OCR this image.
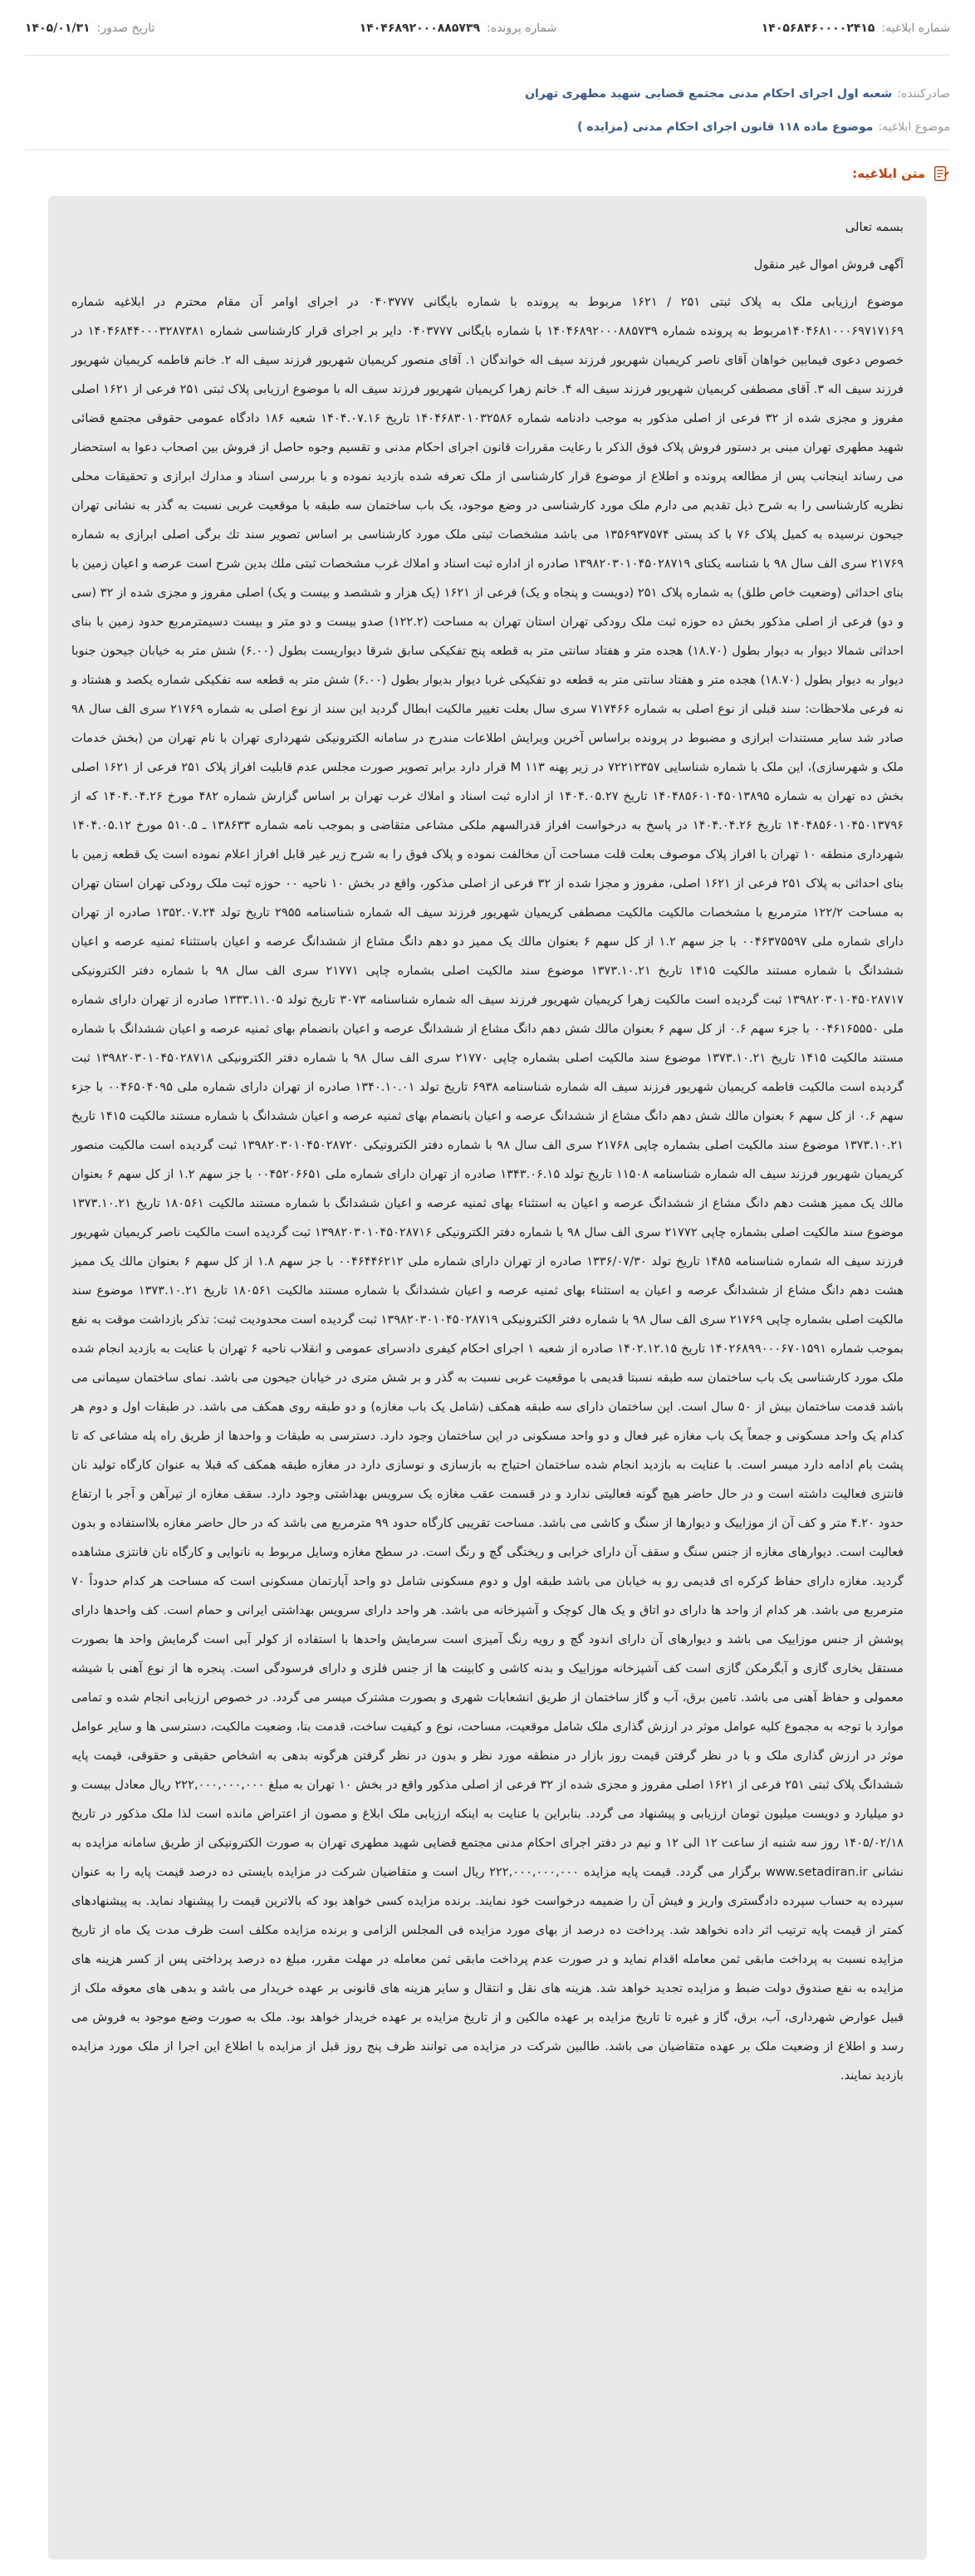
شماره ابلاغیه:
۱۴۰۵۶۸۴۶۰۰۰۰۲۴۱۵
شماره پرونده:
۱۴۰۴۶۸۹۲۰۰۰۸۸۵۷۳۹
تاریخ صدور:
۱۴۰۵/۰۱/۳۱
صادرکننده:
شعبه اول اجرای احکام مدنی مجتمع قضایی شهید مطهری تهران
موضوع ابلاغیه:
موضوع ماده ۱۱۸ قانون اجرای احکام مدنی (مزایده )
متن ابلاغیه:

بسمه تعالی

آگهی فروش اموال غیر منقول

موضوع ارزیابی ملک به پلاک ثبتی ۲۵۱ / ۱۶۲۱ مربوط به پرونده با شماره بایگانی ۰۴۰۳۷۷۷ در اجرای اوامر آن مقام محترم در ابلاغیه شماره ۱۴۰۴۶۸۱۰۰۰۶۹۷۱۷۱۶۹مربوط به پرونده شماره ۱۴۰۴۶۸۹۲۰۰۰۸۸۵۷۳۹ با شماره بایگانی ۰۴۰۳۷۷۷ دایر بر اجرای قرار کارشناسی شماره ۱۴۰۴۶۸۴۴۰۰۰۳۲۸۷۳۸۱ در خصوص دعوی فیمابین خواهان آقای ناصر کریمیان شهریور فرزند سیف اله خواندگان ۱. آقای منصور کریمیان شهریور فرزند سیف اله ۲. خانم فاطمه کریمیان شهریور فرزند سیف اله ۳. آقای مصطفی کریمیان شهریور فرزند سیف اله ۴. خانم زهرا کریمیان شهریور فرزند سیف اله با موضوع ارزیابی پلاک ثبتی ۲۵۱ فرعی از ۱۶۲۱ اصلی مفروز و مجزی شده از ۳۲ فرعی از اصلی مذکور به موجب دادنامه شماره ۱۴۰۴۶۸۳۰۱۰۳۲۵۸۶ تاریخ ۱۴۰۴.۰۷.۱۶ شعبه ۱۸۶ دادگاه عمومی حقوقی مجتمع قضائی شهید مطهری تهران مبنی بر دستور فروش پلاک فوق الذکر با رعایت مقررات قانون اجرای احکام مدنی و تقسیم وجوه حاصل از فروش بین اصحاب دعوا به استحضار می رساند اینجانب پس از مطالعه پرونده و اطلاع از موضوع قرار کارشناسی از ملک تعرفه شده بازدید نموده و با بررسی اسناد و مدارك ابرازی و تحقیقات محلی نظریه کارشناسی را به شرح ذیل تقدیم می دارم ملک مورد کارشناسی در وضع موجود، یک باب ساختمان سه طبقه با موقعیت غربی نسبت به گذر به نشانی تهران جیحون نرسیده به کمیل پلاک ۷۶ با کد پستی ۱۳۵۶۹۳۷۵۷۴ می باشد مشخصات ثبتی ملک مورد کارشناسی بر اساس تصویر سند تك برگی اصلی ابرازی به شماره ۲۱۷۶۹ سری الف سال ۹۸ با شناسه یکتای ۱۳۹۸۲۰۳۰۱۰۴۵۰۲۸۷۱۹ صادره از اداره ثبت اسناد و املاك غرب مشخصات ثبتی ملك بدین شرح است عرصه و اعیان زمین با بنای احداثی (وضعیت خاص طلق) به شماره پلاک ۲۵۱ (دویست و پنجاه و یک) فرعی از ۱۶۲۱ (یک هزار و ششصد و بیست و یک) اصلی مفروز و مجزی شده از ۳۲ (سی و دو) فرعی از اصلی مذکور بخش ده حوزه ثبت ملک رودکی تهران استان تهران به مساحت (۱۲۲.۲) صدو بیست و دو متر و بیست دسیمترمربع حدود زمین با بنای احداثی شمالا دیوار به دیوار بطول (۱۸.۷۰) هجده متر و هفتاد سانتی متر به قطعه پنج تفکیکی سابق شرقا دیواریست بطول (۶.۰۰) شش متر به خیابان جیحون جنوبا دیوار به دیوار بطول (۱۸.۷۰) هجده متر و هفتاد سانتی متر به قطعه دو تفکیکی غربا دیوار بدیوار بطول (۶.۰۰) شش متر به قطعه سه تفکیکی شماره یکصد و هشتاد و نه فرعی ملاحظات: سند قبلی از نوع اصلی به شماره ۷۱۷۴۶۶ سری سال بعلت تغییر مالکیت ابطال گردید این سند از نوع اصلی به شماره ۲۱۷۶۹ سری الف سال ۹۸ صادر شد سایر مستندات ابرازی و مضبوط در پرونده براساس آخرین ویرایش اطلاعات مندرج در سامانه الکترونیکی شهرداری تهران با نام تهران من (بخش خدمات ملک و شهرسازی)، این ملک با شماره شناسایی ۷۲۲۱۲۳۵۷ در زیر پهنه ۱۱۳ M قرار دارد برابر تصویر صورت مجلس عدم قابلیت افراز پلاک ۲۵۱ فرعی از ۱۶۲۱ اصلی بخش ده تهران به شماره ۱۴۰۴۸۵۶۰۱۰۴۵۰۱۳۸۹۵ تاریخ ۱۴۰۴.۰۵.۲۷ از اداره ثبت اسناد و املاك غرب تهران بر اساس گزارش شماره ۴۸۲ مورخ ۱۴۰۴.۰۴.۲۶ که از ۱۴۰۴۸۵۶۰۱۰۴۵۰۱۳۷۹۶ تاریخ ۱۴۰۴.۰۴.۲۶ در پاسخ به درخواست افراز قدرالسهم ملکی مشاعی متقاضی و بموجب نامه شماره ۱۳۸۶۳۳ ـ ۵۱۰.۵ مورخ ۱۴۰۴.۰۵.۱۲ شهرداری منطقه ۱۰ تهران با افراز پلاک موصوف بعلت قلت مساحت آن مخالفت نموده و پلاک فوق را به شرح زیر غیر قابل افراز اعلام نموده است یک قطعه زمین با بنای احداثی به پلاک ۲۵۱ فرعی از ۱۶۲۱ اصلی، مفروز و مجزا شده از ۳۲ فرعی از اصلی مذکور، واقع در بخش ۱۰ ناحیه ۰۰ حوزه ثبت ملک رودکی تهران استان تهران به مساحت ۱۲۲/۲ مترمربع با مشخصات مالکیت مالکیت مصطفی کریمیان شهریور فرزند سیف اله شماره شناسنامه ۲۹۵۵ تاریخ تولد ۱۳۵۲.۰۷.۲۴ صادره از تهران دارای شماره ملی ۰۰۴۶۳۷۵۵۹۷ با جز سهم ۱.۲ از کل سهم ۶ بعنوان مالك یک ممیز دو دهم دانگ مشاع از ششدانگ عرصه و اعیان باستثناء ثمنیه عرصه و اعیان ششدانگ با شماره مستند مالکیت ۱۴۱۵ تاریخ ۱۳۷۳.۱۰.۲۱ موضوع سند مالکیت اصلی بشماره چاپی ۲۱۷۷۱ سری الف سال ۹۸ با شماره دفتر الکترونیکی ۱۳۹۸۲۰۳۰۱۰۴۵۰۲۸۷۱۷ ثبت گردیده است مالکیت زهرا کریمیان شهریور فرزند سیف اله شماره شناسنامه ۳۰۷۳ تاریخ تولد ۱۳۳۳.۱۱.۰۵ صادره از تهران دارای شماره ملی ۰۰۴۶۱۶۵۵۵۰ با جزء سهم ۰.۶ از کل سهم ۶ بعنوان مالك شش دهم دانگ مشاع از ششدانگ عرصه و اعیان بانضمام بهای ثمنیه عرصه و اعیان ششدانگ با شماره مستند مالکیت ۱۴۱۵ تاریخ ۱۳۷۳.۱۰.۲۱ موضوع سند مالکیت اصلی بشماره چاپی ۲۱۷۷۰ سری الف سال ۹۸ با شماره دفتر الکترونیکی ۱۳۹۸۲۰۳۰۱۰۴۵۰۲۸۷۱۸ ثبت گردیده است مالکیت فاطمه کریمیان شهریور فرزند سیف اله شماره شناسنامه ۶۹۳۸ تاریخ تولد ۱۳۴۰.۱۰.۰۱ صادره از تهران دارای شماره ملی ۰۰۴۶۵۰۴۰۹۵ با جزء سهم ۰.۶ از کل سهم ۶ بعنوان مالك شش دهم دانگ مشاع از ششدانگ عرصه و اعیان بانضمام بهای ثمنیه عرصه و اعیان ششدانگ با شماره مستند مالکیت ۱۴۱۵ تاریخ ۱۳۷۳.۱۰.۲۱ موضوع سند مالکیت اصلی بشماره چاپی ۲۱۷۶۸ سری الف سال ۹۸ با شماره دفتر الکترونیکی ۱۳۹۸۲۰۳۰۱۰۴۵۰۲۸۷۲۰ ثبت گردیده است مالکیت منصور کریمیان شهریور فرزند سیف اله شماره شناسنامه ۱۱۵۰۸ تاریخ تولد ۱۳۴۳.۰۶.۱۵ صادره از تهران دارای شماره ملی ۰۰۴۵۲۰۶۶۵۱ با جز سهم ۱.۲ از کل سهم ۶ بعنوان مالك یک ممیز هشت دهم دانگ مشاع از ششدانگ عرصه و اعیان به استثناء بهای ثمنیه عرصه و اعیان ششدانگ با شماره مستند مالکیت ۱۸۰۵۶۱ تاریخ ۱۳۷۳.۱۰.۲۱ موضوع سند مالکیت اصلی بشماره چاپی ۲۱۷۷۲ سری الف سال ۹۸ با شماره دفتر الکترونیکی ۱۳۹۸۲۰۳۰۱۰۴۵۰۲۸۷۱۶ ثبت گردیده است مالکیت ناصر کریمیان شهریور فرزند سیف اله شماره شناسنامه ۱۴۸۵ تاریخ تولد ۱۳۳۶/۰۷/۳۰ صادره از تهران دارای شماره ملی ۰۰۴۶۴۴۶۲۱۲ با جز سهم ۱.۸ از کل سهم ۶ بعنوان مالك یک ممیز هشت دهم دانگ مشاع از ششدانگ عرصه و اعیان به استثناء بهای ثمنیه عرصه و اعیان ششدانگ با شماره مستند مالکیت ۱۸۰۵۶۱ تاریخ ۱۳۷۳.۱۰.۲۱ موضوع سند مالکیت اصلی بشماره چاپی ۲۱۷۶۹ سری الف سال ۹۸ با شماره دفتر الکترونیکی ۱۳۹۸۲۰۳۰۱۰۴۵۰۲۸۷۱۹ ثبت گردیده است محدودیت ثبت: تذکر بازداشت موقت به نفع بموجب شماره ۱۴۰۲۶۸۹۹۰۰۰۶۷۰۱۵۹۱ تاریخ ۱۴۰۲.۱۲.۱۵ صادره از شعبه ۱ اجرای احکام کیفری دادسرای عمومی و انقلاب ناحیه ۶ تهران با عنایت به بازدید انجام شده ملک مورد کارشناسی یک باب ساختمان سه طبقه نسبتا قدیمی با موقعیت غربی نسبت به گذر و بر شش متری در خیابان جیحون می باشد. نمای ساختمان سیمانی می باشد قدمت ساختمان بیش از ۵۰ سال است. این ساختمان دارای سه طبقه همکف (شامل یک باب مغازه) و دو طبقه روی همکف می باشد. در طبقات اول و دوم هر کدام یک واحد مسکونی و جمعاً یک باب مغازه غیر فعال و دو واحد مسکونی در این ساختمان وجود دارد. دسترسی به طبقات و واحدها از طریق راه پله مشاعی که تا پشت بام ادامه دارد میسر است. با عنایت به بازدید انجام شده ساختمان احتیاج به بازسازی و نوسازی دارد در مغازه طبقه همکف که قبلا به عنوان کارگاه تولید نان فانتزی فعالیت داشته است و در حال حاضر هیچ گونه فعالیتی ندارد و در قسمت عقب مغازه یک سرویس بهداشتی وجود دارد. سقف مغازه از تیرآهن و آجر با ارتفاع حدود ۴.۲۰ متر و کف آن از موزاییک و دیوارها از سنگ و کاشی می باشد. مساحت تقریبی کارگاه حدود ۹۹ مترمربع می باشد که در حال حاضر مغازه بلااستفاده و بدون فعالیت است. دیوارهای مغازه از جنس سنگ و سقف آن دارای خرابی و ریختگی گچ و رنگ است. در سطح مغازه وسایل مربوط به نانوایی و کارگاه نان فانتزی مشاهده گردید. مغازه دارای حفاظ کرکره ای قدیمی رو به خیابان می باشد طبقه اول و دوم مسکونی شامل دو واحد آپارتمان مسکونی است که مساحت هر کدام حدوداً ۷۰ مترمربع می باشد. هر کدام از واحد ها دارای دو اتاق و یک هال کوچک و آشپزخانه می باشد. هر واحد دارای سرویس بهداشتی ایرانی و حمام است. کف واحدها دارای پوشش از جنس موزاییک می باشد و دیوارهای آن دارای اندود گچ و رویه رنگ آمیزی است سرمایش واحدها با استفاده از کولر آبی است گرمایش واحد ها بصورت مستقل بخاری گازی و آبگرمکن گازی است کف آشپزخانه موزاییک و بدنه کاشی و کابینت ها از جنس فلزی و دارای فرسودگی است. پنجره ها از نوع آهنی با شیشه معمولی و حفاظ آهنی می باشد. تامین برق، آب و گاز ساختمان از طریق انشعابات شهری و بصورت مشترک میسر می گردد. در خصوص ارزیابی انجام شده و تمامی موارد با توجه به مجموع کلیه عوامل موثر در ارزش گذاری ملک شامل موقعیت، مساحت، نوع و کیفیت ساخت، قدمت بنا، وضعیت مالکیت، دسترسی ها و سایر عوامل موثر در ارزش گذاری ملک و با در نظر گرفتن قیمت روز بازار در منطقه مورد نظر و بدون در نظر گرفتن هرگونه بدهی به اشخاص حقیقی و حقوقی، قیمت پایه ششدانگ پلاک ثبتی ۲۵۱ فرعی از ۱۶۲۱ اصلی مفروز و مجزی شده از ۳۲ فرعی از اصلی مذکور واقع در بخش ۱۰ تهران به مبلغ ۲۲۲,۰۰۰,۰۰۰,۰۰۰ ریال معادل بیست و دو میلیارد و دویست میلیون تومان ارزیابی و پیشنهاد می گردد. بنابراین با عنایت به اینکه ارزیابی ملک ابلاغ و مصون از اعتراض مانده است لذا ملک مذکور در تاریخ ۱۴۰۵/۰۲/۱۸ روز سه شنبه از ساعت ۱۲ الی ۱۲ و نیم در دفتر اجرای احکام مدنی مجتمع قضایی شهید مطهری تهران به صورت الکترونیکی از طریق سامانه مزایده به نشانی www.setadiran.ir برگزار می گردد. قیمت پایه مزایده ۲۲۲,۰۰۰,۰۰۰,۰۰۰ ریال است و متقاضیان شرکت در مزایده بایستی ده درصد قیمت پایه را به عنوان سپرده به حساب سپرده دادگستری واریز و فیش آن را ضمیمه درخواست خود نمایند. برنده مزایده کسی خواهد بود که بالاترین قیمت را پیشنهاد نماید. به پیشنهادهای کمتر از قیمت پایه ترتیب اثر داده نخواهد شد. پرداخت ده درصد از بهای مورد مزایده فی المجلس الزامی و برنده مزایده مکلف است ظرف مدت یک ماه از تاریخ مزایده نسبت به پرداخت مابقی ثمن معامله اقدام نماید و در صورت عدم پرداخت مابقی ثمن معامله در مهلت مقرر، مبلغ ده درصد پرداختی پس از کسر هزینه های مزایده به نفع صندوق دولت ضبط و مزایده تجدید خواهد شد. هزینه های نقل و انتقال و سایر هزینه های قانونی بر عهده خریدار می باشد و بدهی های معوقه ملک از قبیل عوارض شهرداری، آب، برق، گاز و غیره تا تاریخ مزایده بر عهده مالکین و از تاریخ مزایده بر عهده خریدار خواهد بود. ملک به صورت وضع موجود به فروش می رسد و اطلاع از وضعیت ملک بر عهده متقاضیان می باشد. طالبین شرکت در مزایده می توانند ظرف پنج روز قبل از مزایده با اطلاع این اجرا از ملک مورد مزایده بازدید نمایند.
